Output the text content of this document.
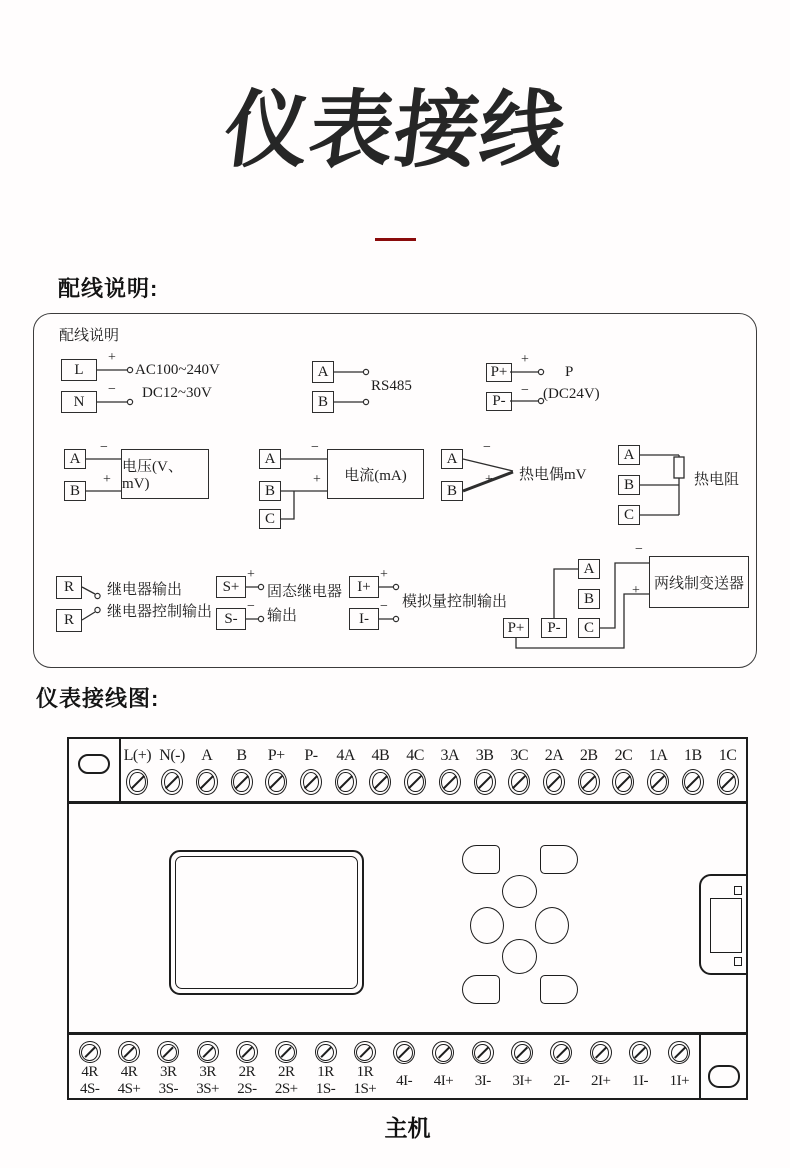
仪表接线
配线说明:
配线说明
L
N
+
−
AC100~240V
DC12~30V
A
B
RS485
P+
P-
+
−
P
(DC24V)
A
B
−
+
电压(V、mV)
A
B
C
−
+	电流(mA)
A
B
−
+ 热电偶mV
A
B
C
热电阻
R
R
继电器输出
继电器控制输出
S+
S-
+
−
固态继电器
输出
I+
I-
+
− 模拟量控制输出
A
B
C
P+	P-
−
+ 两线制变送器
仪表接线图:
L(+) N(-) A B P+ P- 4A 4B 4C 3A 3B 3C 2A 2B 2C 1A 1B 1C
4R
4S-
4R
4S+
3R
3S-
3R
3S+
2R
2S-
2R
2S+
1R
1S-
1R
1S+ 4I- 4I+ 3I- 3I+ 2I- 2I+ 1I- 1I+
主机
